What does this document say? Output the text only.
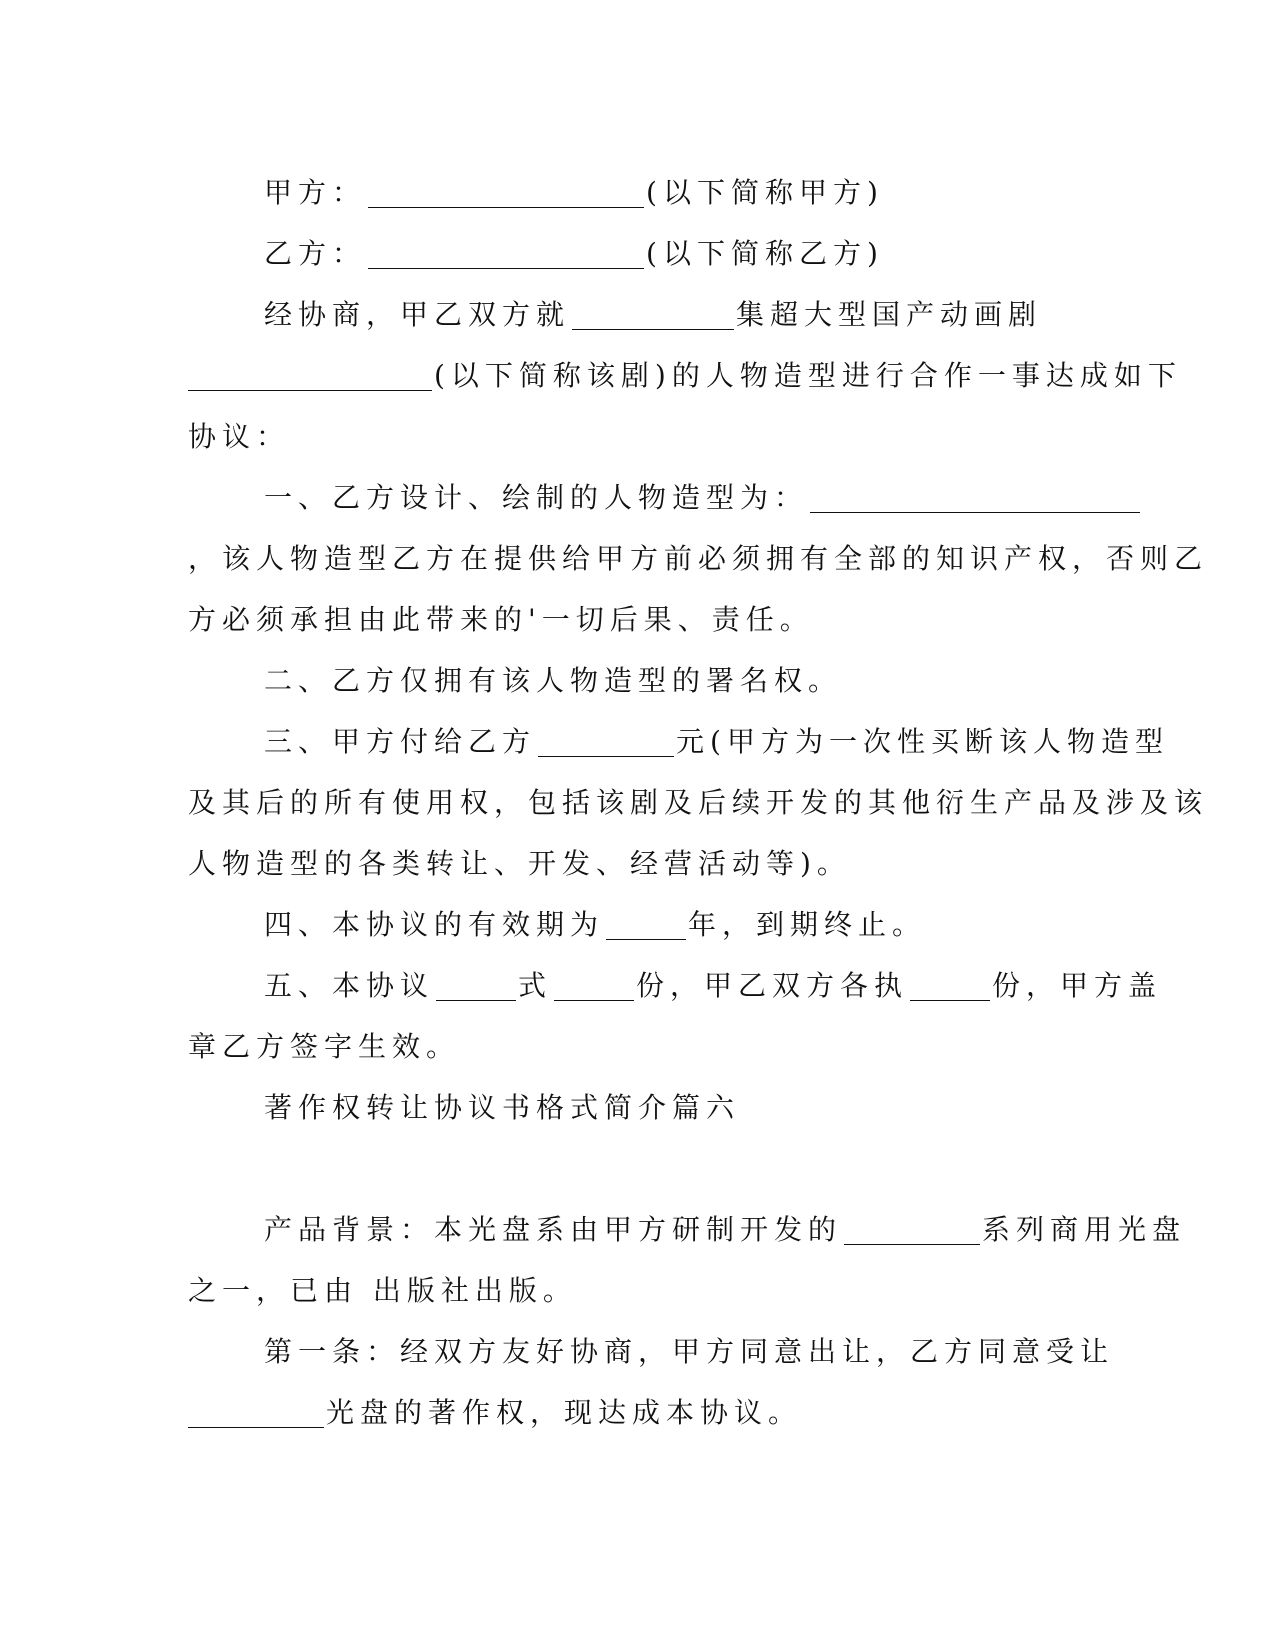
甲方：	(以下简称甲方)
乙方：	(以下简称乙方)
经协商，甲乙双方就	集超大型国产动画剧
(以下简称该剧)的人物造型进行合作一事达成如下
协议：
一、乙方设计、绘制的人物造型为：
，该人物造型乙方在提供给甲方前必须拥有全部的知识产权，否则乙
方必须承担由此带来的'一切后果、责任。
二、乙方仅拥有该人物造型的署名权。
三、甲方付给乙方	元(甲方为一次性买断该人物造型
及其后的所有使用权，包括该剧及后续开发的其他衍生产品及涉及该
人物造型的各类转让、开发、经营活动等)。
四、本协议的有效期为	年，到期终止。
五、本协议	式	份，甲乙双方各执	份，甲方盖
章乙方签字生效。
著作权转让协议书格式简介篇六
产品背景：本光盘系由甲方研制开发的	系列商用光盘
之一，已由 出版社出版。
第一条：经双方友好协商，甲方同意出让，乙方同意受让
光盘的著作权，现达成本协议。
